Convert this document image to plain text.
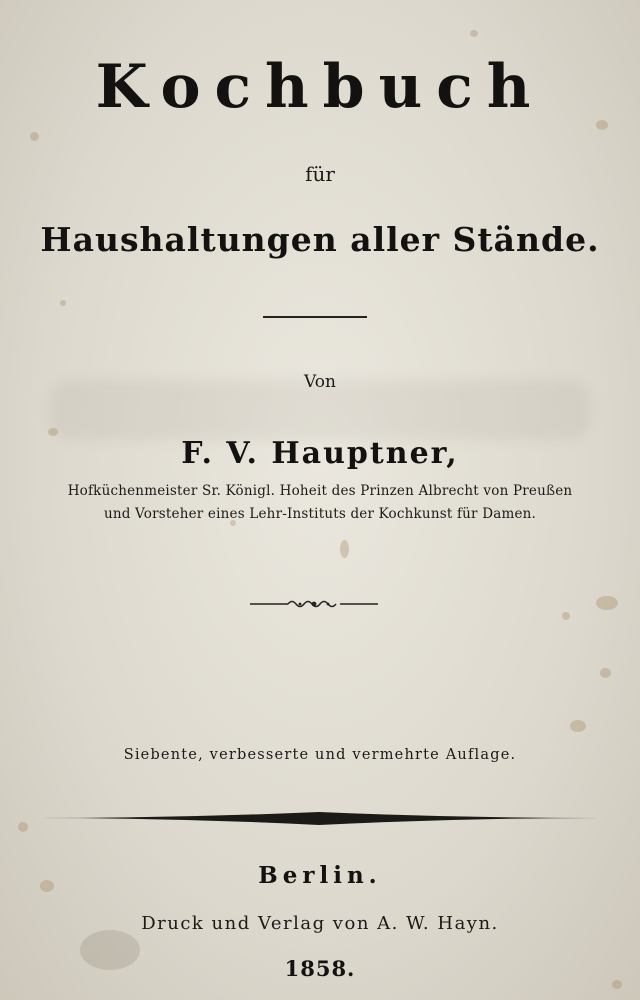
Kochbuch
für
Haushaltungen aller Stände.
Von
F. V. Hauptner,
Hofküchenmeister Sr. Königl. Hoheit des Prinzen Albrecht von Preußen
und Vorsteher eines Lehr-Instituts der Kochkunst für Damen.
Siebente, verbesserte und vermehrte Auflage.
Berlin.
Druck und Verlag von A. W. Hayn.
1858.
